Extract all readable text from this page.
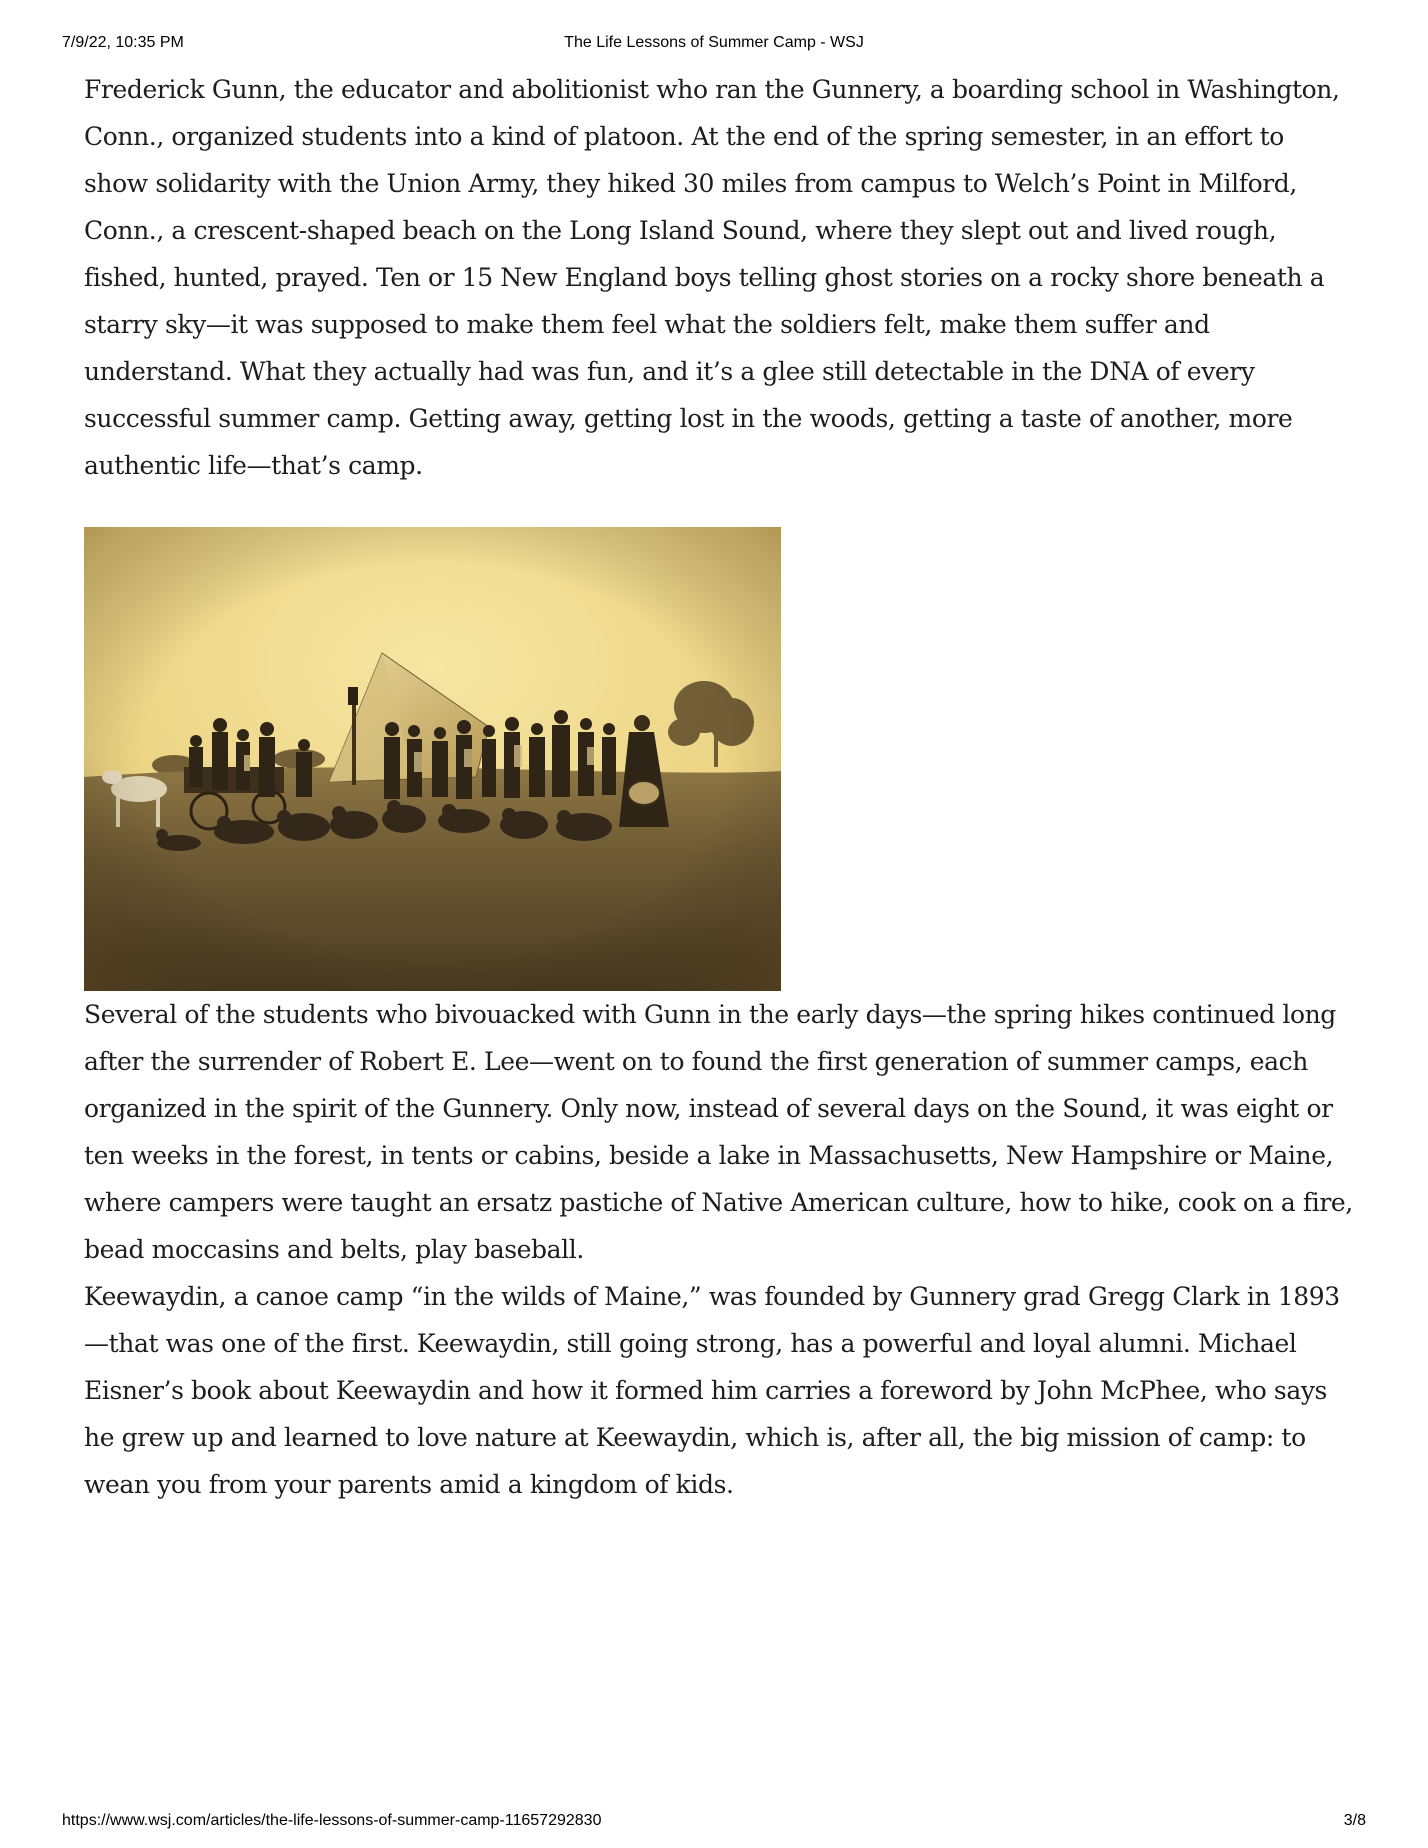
7/9/22, 10:35 PM	The Life Lessons of Summer Camp - WSJ

Frederick Gunn, the educator and abolitionist who ran the Gunnery, a boarding school in Washington, Conn., organized students into a kind of platoon. At the end of the spring semester, in an effort to show solidarity with the Union Army, they hiked 30 miles from campus to Welch’s Point in Milford, Conn., a crescent-shaped beach on the Long Island Sound, where they slept out and lived rough, fished, hunted, prayed. Ten or 15 New England boys telling ghost stories on a rocky shore beneath a starry sky—it was supposed to make them feel what the soldiers felt, make them suffer and understand. What they actually had was fun, and it’s a glee still detectable in the DNA of every successful summer camp. Getting away, getting lost in the woods, getting a taste of another, more authentic life—that’s camp.

Several of the students who bivouacked with Gunn in the early days—the spring hikes continued long after the surrender of Robert E. Lee—went on to found the first generation of summer camps, each organized in the spirit of the Gunnery. Only now, instead of several days on the Sound, it was eight or ten weeks in the forest, in tents or cabins, beside a lake in Massachusetts, New Hampshire or Maine, where campers were taught an ersatz pastiche of Native American culture, how to hike, cook on a fire, bead moccasins and belts, play baseball.

Keewaydin, a canoe camp “in the wilds of Maine,” was founded by Gunnery grad Gregg Clark in 1893—that was one of the first. Keewaydin, still going strong, has a powerful and loyal alumni. Michael Eisner’s book about Keewaydin and how it formed him carries a foreword by John McPhee, who says he grew up and learned to love nature at Keewaydin, which is, after all, the big mission of camp: to wean you from your parents amid a kingdom of kids.

https://www.wsj.com/articles/the-life-lessons-of-summer-camp-11657292830	3/8
